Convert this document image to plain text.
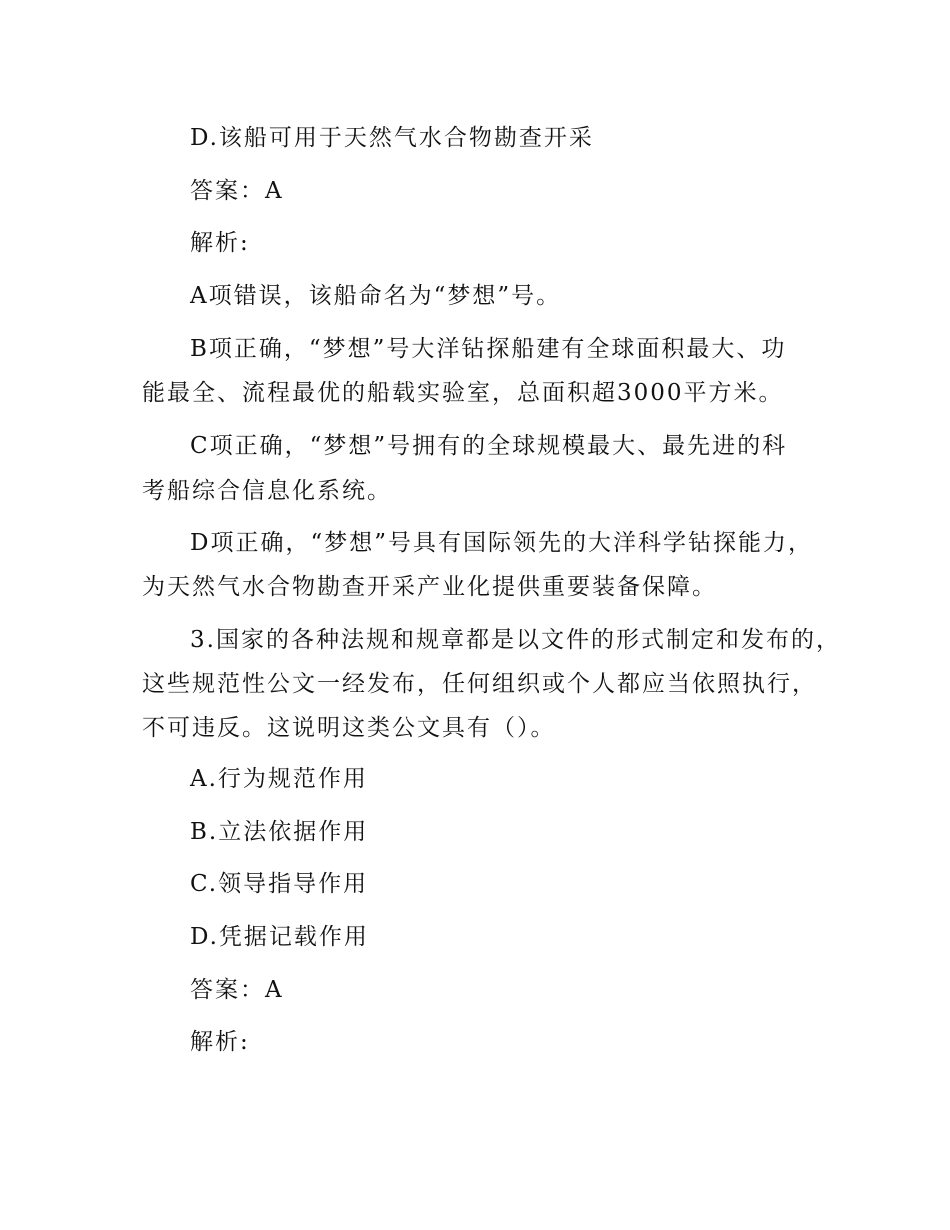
D.该船可用于天然气水合物勘查开采
答案：A
解析:
A项错误，该船命名为“梦想”号。
B项正确，“梦想”号大洋钻探船建有全球面积最大、功
能最全、流程最优的船载实验室，总面积超3000平方米。
C项正确，“梦想”号拥有的全球规模最大、最先进的科
考船综合信息化系统。
D项正确，“梦想”号具有国际领先的大洋科学钻探能力，
为天然气水合物勘查开采产业化提供重要装备保障。
3.国家的各种法规和规章都是以文件的形式制定和发布的，
这些规范性公文一经发布，任何组织或个人都应当依照执行，
不可违反。这说明这类公文具有（）。
A.行为规范作用
B.立法依据作用
C.领导指导作用
D.凭据记载作用
答案：A
解析:
